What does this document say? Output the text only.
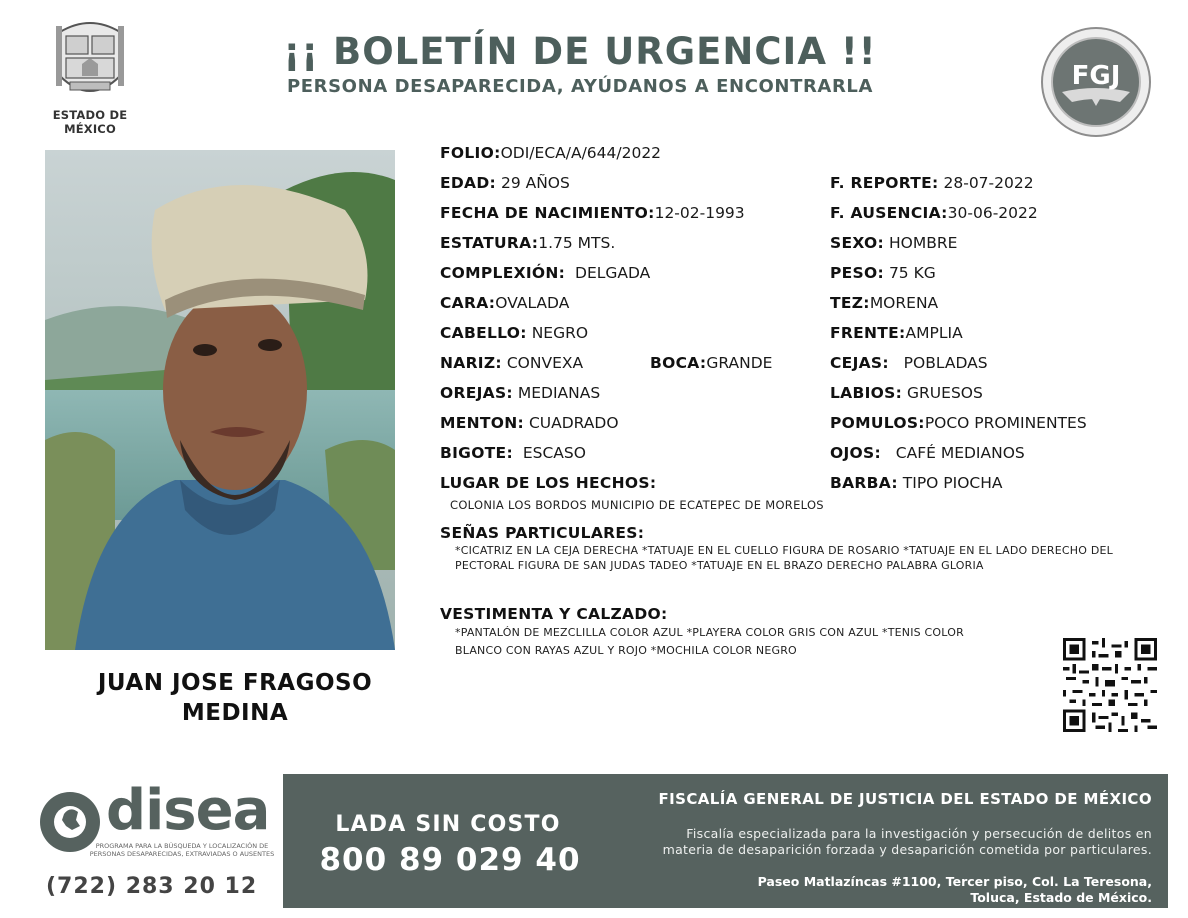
ESTADO DE MÉXICO
¡¡ BOLETÍN DE URGENCIA !!
PERSONA DESAPARECIDA, AYÚDANOS A ENCONTRARLA	FGJ
JUAN JOSE FRAGOSO
MEDINA
FOLIO:ODI/ECA/A/644/2022
EDAD: 29 AÑOS	F. REPORTE: 28-07-2022
FECHA DE NACIMIENTO:12-02-1993	F. AUSENCIA:30-06-2022
ESTATURA:1.75 MTS.	SEXO: HOMBRE
COMPLEXIÓN: DELGADA	PESO: 75 KG
CARA:OVALADA	TEZ:MORENA
CABELLO: NEGRO	FRENTE:AMPLIA
NARIZ: CONVEXA	BOCA:GRANDE	CEJAS: POBLADAS
OREJAS: MEDIANAS	LABIOS: GRUESOS
MENTON: CUADRADO	POMULOS:POCO PROMINENTES
BIGOTE: ESCASO	OJOS: CAFÉ MEDIANOS
LUGAR DE LOS HECHOS:	BARBA: TIPO PIOCHA
COLONIA LOS BORDOS MUNICIPIO DE ECATEPEC DE MORELOS
SEÑAS PARTICULARES:
*CICATRIZ EN LA CEJA DERECHA *TATUAJE EN EL CUELLO FIGURA DE ROSARIO *TATUAJE EN EL LADO DERECHO DEL PECTORAL FIGURA DE SAN JUDAS TADEO *TATUAJE EN EL BRAZO DERECHO PALABRA GLORIA
VESTIMENTA Y CALZADO:
*PANTALÓN DE MEZCLILLA COLOR AZUL *PLAYERA COLOR GRIS CON AZUL *TENIS COLOR
BLANCO CON RAYAS AZUL Y ROJO *MOCHILA COLOR NEGRO
disea
PROGRAMA PARA LA BÚSQUEDA Y LOCALIZACIÓN DE PERSONAS DESAPARECIDAS, EXTRAVIADAS O AUSENTES
(722) 283 20 12
LADA SIN COSTO
800 89 029 40
FISCALÍA GENERAL DE JUSTICIA DEL ESTADO DE MÉXICO
Fiscalía especializada para la investigación y persecución de delitos en
materia de desaparición forzada y desaparición cometida por particulares.
Paseo Matlazíncas #1100, Tercer piso, Col. La Teresona,
Toluca, Estado de México.
